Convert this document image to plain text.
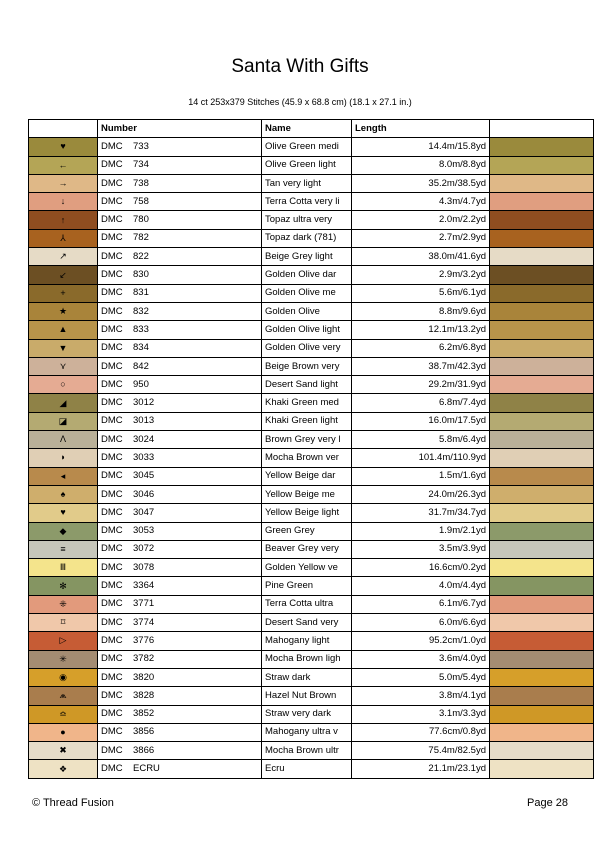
Santa With Gifts
14 ct 253x379 Stitches (45.9 x 68.8 cm) (18.1 x 27.1 in.)
	Number	Name	Length	
♥	DMC 733	Olive Green medi	14.4m/15.8yd	
←	DMC 734	Olive Green light	8.0m/8.8yd	
→	DMC 738	Tan very light	35.2m/38.5yd	
↓	DMC 758	Terra Cotta very li	4.3m/4.7yd	
↑	DMC 780	Topaz ultra very	2.0m/2.2yd	
⅄	DMC 782	Topaz dark (781)	2.7m/2.9yd	
↗	DMC 822	Beige Grey light	38.0m/41.6yd	
↙	DMC 830	Golden Olive dar	2.9m/3.2yd	
+	DMC 831	Golden Olive me	5.6m/6.1yd	
★	DMC 832	Golden Olive	8.8m/9.6yd	
▲	DMC 833	Golden Olive light	12.1m/13.2yd	
▼	DMC 834	Golden Olive very	6.2m/6.8yd	
⋎	DMC 842	Beige Brown very	38.7m/42.3yd	
○	DMC 950	Desert Sand light	29.2m/31.9yd	
◢	DMC 3012	Khaki Green med	6.8m/7.4yd	
◪	DMC 3013	Khaki Green light	16.0m/17.5yd	
Λ	DMC 3024	Brown Grey very l	5.8m/6.4yd	
◗	DMC 3033	Mocha Brown ver	101.4m/110.9yd	
◂	DMC 3045	Yellow Beige dar	1.5m/1.6yd	
♠	DMC 3046	Yellow Beige me	24.0m/26.3yd	
♥	DMC 3047	Yellow Beige light	31.7m/34.7yd	
◆	DMC 3053	Green Grey	1.9m/2.1yd	
≡	DMC 3072	Beaver Grey very	3.5m/3.9yd	
Ⅲ	DMC 3078	Golden Yellow ve	16.6cm/0.2yd	
✻	DMC 3364	Pine Green	4.0m/4.4yd	
⁜	DMC 3771	Terra Cotta ultra	6.1m/6.7yd	
⌑	DMC 3774	Desert Sand very	6.0m/6.6yd	
▷	DMC 3776	Mahogany light	95.2cm/1.0yd	
✳	DMC 3782	Mocha Brown ligh	3.6m/4.0yd	
◉	DMC 3820	Straw dark	5.0m/5.4yd	
⩕	DMC 3828	Hazel Nut Brown	3.8m/4.1yd	
≏	DMC 3852	Straw very dark	3.1m/3.3yd	
●	DMC 3856	Mahogany ultra v	77.6cm/0.8yd	
✖	DMC 3866	Mocha Brown ultr	75.4m/82.5yd	
❖	DMC ECRU	Ecru	21.1m/23.1yd	
© Thread Fusion	Page 28
